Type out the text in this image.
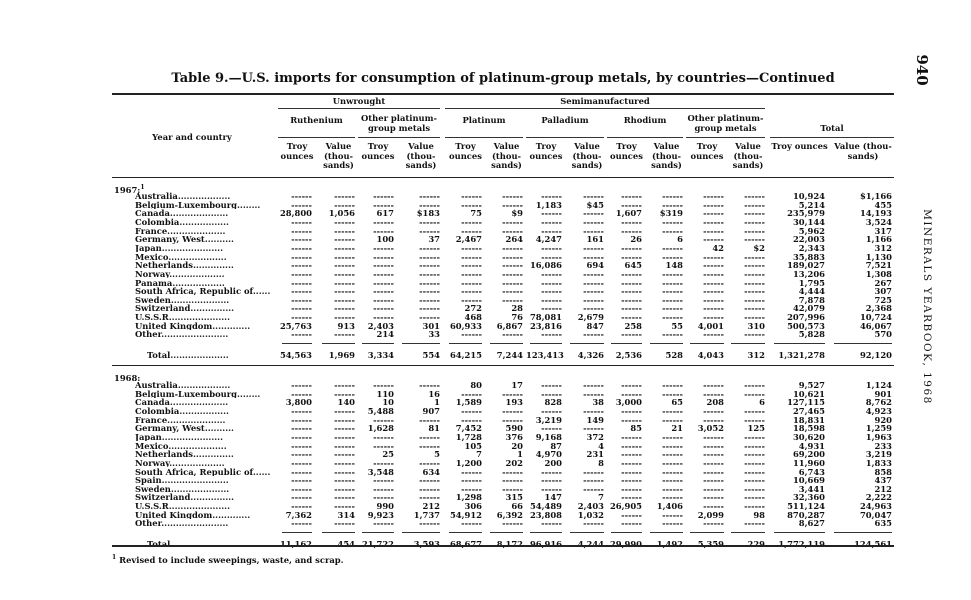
940
MINERALS YEARBOOK, 1968
Table 9.—U.S. imports for consumption of platinum-group metals, by countries—Continued
Year and country
Unwrought	Semimanufactured
Ruthenium	Other platinum-group metals
Platinum	Palladium	Rhodium	Other platinum-group metals	Total
Troy ounces
Value (thou-sands)
Troy ounces
Value (thou-sands)
Troy ounces
Value (thou-sands)
Troy ounces
Value (thou-sands)
Troy ounces
Value (thou-sands)
Troy ounces
Value (thou-sands)
Troy ounces Value (thou-sands)
1967:$^1$
Australia..................	------	------	------	------	------	------	------	------	------	------	------	------	10,924	$1,166
Belgium-Luxembourg........	------	------	------	------	------	------	1,183	$45	------	------	------	------	5,214	455
Canada....................	28,800	1,056	617	$183	75	$9	------	------	1,607	$319	------	------	235,979	14,193
Colombia.................	------	------	------	------	------	------	------	------	------	------	------	------	30,144	3,524
France....................	------	------	------	------	------	------	------	------	------	------	------	------	5,962	317
Germany, West..........	------	------	100	37	2,467	264	4,247	161	26	6	------	------	22,003	1,166
Japan.....................	------	------	------	------	------	------	------	------	------	------	42	$2	2,343	312
Mexico....................	------	------	------	------	------	------	------	------	------	------	------	------	35,883	1,130
Netherlands..............	------	------	------	------	------	------ 16,086	694	645	148	------	------	189,027	7,521
Norway...................	------	------	------	------	------	------	------	------	------	------	------	------	13,206	1,308
Panama..................	------	------	------	------	------	------	------	------	------	------	------	------	1,795	267
South Africa, Republic of......	------	------	------	------	------	------	------	------	------	------	------	------	4,444	307
Sweden....................	------	------	------	------	------	------	------	------	------	------	------	------	7,878	725
Switzerland...............	------	------	------	------	272	28	------	------	------	------	------	------	42,079	2,368
U.S.S.R.....................	------	------	------	------	468	76 78,081	2,679	------	------	------	------	207,996	10,724
United Kingdom.............	25,763	913	2,403	301	60,933	6,867 23,816	847	258	55	4,001	310	500,573	46,067
Other.......................	------	------	214	33	------	------	------	------	------	------	------	------	5,828	570
Total....................	54,563	1,969	3,334	554	64,215	7,244 123,413	4,326	2,536	528	4,043	312	1,321,278	92,120
1968:
Australia..................	------	------	------	------	80	17	------	------	------	------	------	------	9,527	1,124
Belgium-Luxembourg........	------	------	110	16	------	------	------	------	------	------	------	------	10,621	901
Canada....................	3,800	140	10	1	1,589	193	828	38	3,000	65	208	6	127,115	8,762
Colombia.................	------	------	5,488	907	------	------	------	------	------	------	------	------	27,465	4,923
France....................	------	------	------	------	------	------	3,219	149	------	------	------	------	18,831	920
Germany, West..........	------	------	1,628	81	7,452	590	------	------	85	21	3,052	125	18,598	1,259
Japan.....................	------	------	------	------	1,728	376	9,168	372	------	------	------	------	30,620	1,963
Mexico....................	------	------	------	------	105	20	87	4	------	------	------	------	4,931	233
Netherlands..............	------	------	25	5	7	1	4,970	231	------	------	------	------	69,200	3,219
Norway...................	------	------	------	------	1,200	202	200	8	------	------	------	------	11,960	1,833
South Africa, Republic of......	------	------	3,548	634	------	------	------	------	------	------	------	------	6,743	858
Spain.......................	------	------	------	------	------	------	------	------	------	------	------	------	10,669	437
Sweden....................	------	------	------	------	------	------	------	------	------	------	------	------	3,441	212
Switzerland...............	------	------	------	------	1,298	315	147	7	------	------	------	------	32,360	2,222
U.S.S.R.....................	------	------	990	212	306	66 54,489	2,403 26,905	1,406	------	------	511,124	24,963
United Kingdom.............	7,362	314	9,923	1,737	54,912	6,392 23,808	1,032	------	------	2,099	98	870,287	70,047
Other.......................	------	------	------	------	------	------	------	------	------	------	------	------	8,627	635
Total....................	11,162	454 21,722	3,593	68,677	8,172 96,916	4,244 29,990	1,492	5,359	229	1,772,119	124,561
$^1$ Revised to include sweepings, waste, and scrap.
